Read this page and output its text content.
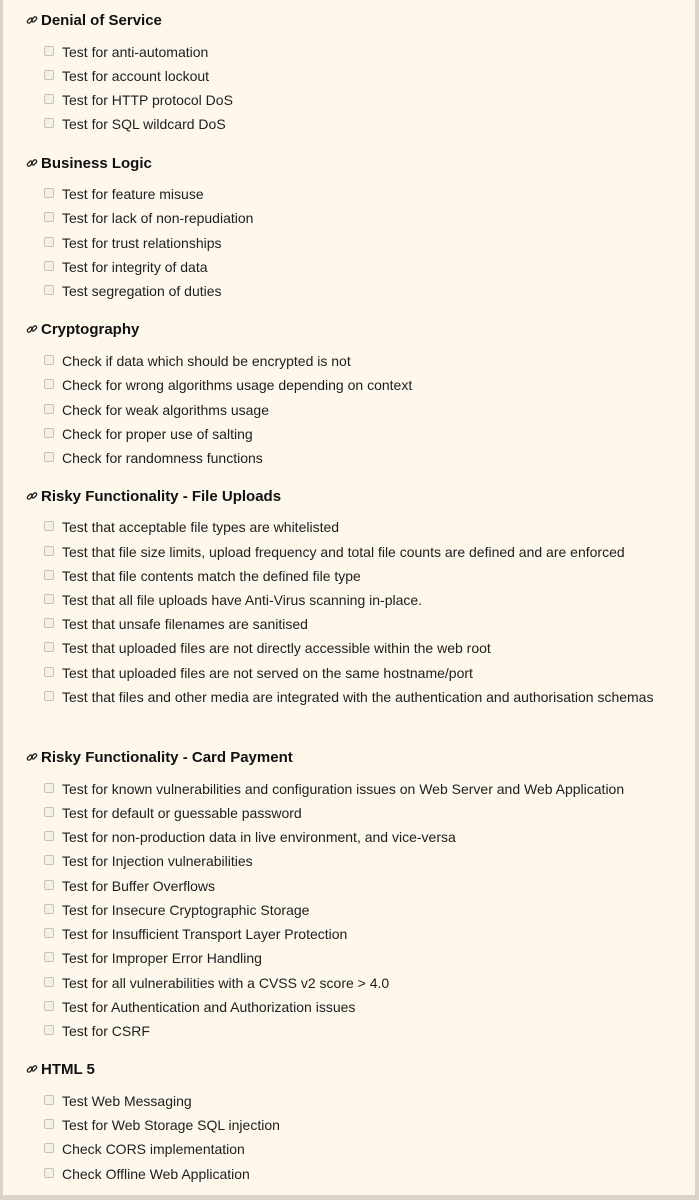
Denial of Service
Test for anti-automation
Test for account lockout
Test for HTTP protocol DoS
Test for SQL wildcard DoS
Business Logic
Test for feature misuse
Test for lack of non-repudiation
Test for trust relationships
Test for integrity of data
Test segregation of duties
Cryptography
Check if data which should be encrypted is not
Check for wrong algorithms usage depending on context
Check for weak algorithms usage
Check for proper use of salting
Check for randomness functions
Risky Functionality - File Uploads
Test that acceptable file types are whitelisted
Test that file size limits, upload frequency and total file counts are defined and are enforced
Test that file contents match the defined file type
Test that all file uploads have Anti-Virus scanning in-place.
Test that unsafe filenames are sanitised
Test that uploaded files are not directly accessible within the web root
Test that uploaded files are not served on the same hostname/port
Test that files and other media are integrated with the authentication and authorisation schemas
Risky Functionality - Card Payment
Test for known vulnerabilities and configuration issues on Web Server and Web Application
Test for default or guessable password
Test for non-production data in live environment, and vice-versa
Test for Injection vulnerabilities
Test for Buffer Overflows
Test for Insecure Cryptographic Storage
Test for Insufficient Transport Layer Protection
Test for Improper Error Handling
Test for all vulnerabilities with a CVSS v2 score > 4.0
Test for Authentication and Authorization issues
Test for CSRF
HTML 5
Test Web Messaging
Test for Web Storage SQL injection
Check CORS implementation
Check Offline Web Application
